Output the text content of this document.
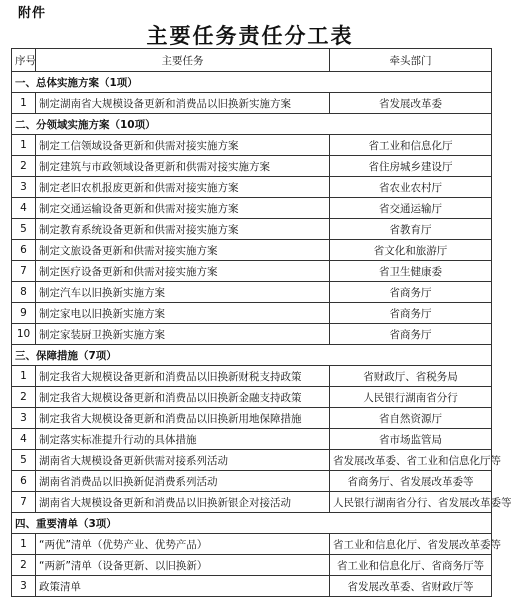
附件
主要任务责任分工表
序号	主要任务	牵头部门
一、总体实施方案（1项）		
1	制定湖南省大规模设备更新和消费品以旧换新实施方案	省发展改革委
二、分领域实施方案（10项）		
1	制定工信领域设备更新和供需对接实施方案	省工业和信息化厅
2	制定建筑与市政领域设备更新和供需对接实施方案	省住房城乡建设厅
3	制定老旧农机报废更新和供需对接实施方案	省农业农村厅
4	制定交通运输设备更新和供需对接实施方案	省交通运输厅
5	制定教育系统设备更新和供需对接实施方案	省教育厅
6	制定文旅设备更新和供需对接实施方案	省文化和旅游厅
7	制定医疗设备更新和供需对接实施方案	省卫生健康委
8	制定汽车以旧换新实施方案	省商务厅
9	制定家电以旧换新实施方案	省商务厅
10	制定家装厨卫换新实施方案	省商务厅
三、保障措施（7项）		
1	制定我省大规模设备更新和消费品以旧换新财税支持政策	省财政厅、省税务局
2	制定我省大规模设备更新和消费品以旧换新金融支持政策	人民银行湖南省分行
3	制定我省大规模设备更新和消费品以旧换新用地保障措施	省自然资源厅
4	制定落实标准提升行动的具体措施	省市场监管局
5	湖南省大规模设备更新供需对接系列活动	省发展改革委、省工业和信息化厅等
6	湖南省消费品以旧换新促消费系列活动	省商务厅、省发展改革委等
7	湖南省大规模设备更新和消费品以旧换新银企对接活动	人民银行湖南省分行、省发展改革委等
四、重要清单（3项）		
1	“两优”清单（优势产业、优势产品）	省工业和信息化厅、省发展改革委等
2	“两新”清单（设备更新、以旧换新）	省工业和信息化厅、省商务厅等
3	政策清单	省发展改革委、省财政厅等
